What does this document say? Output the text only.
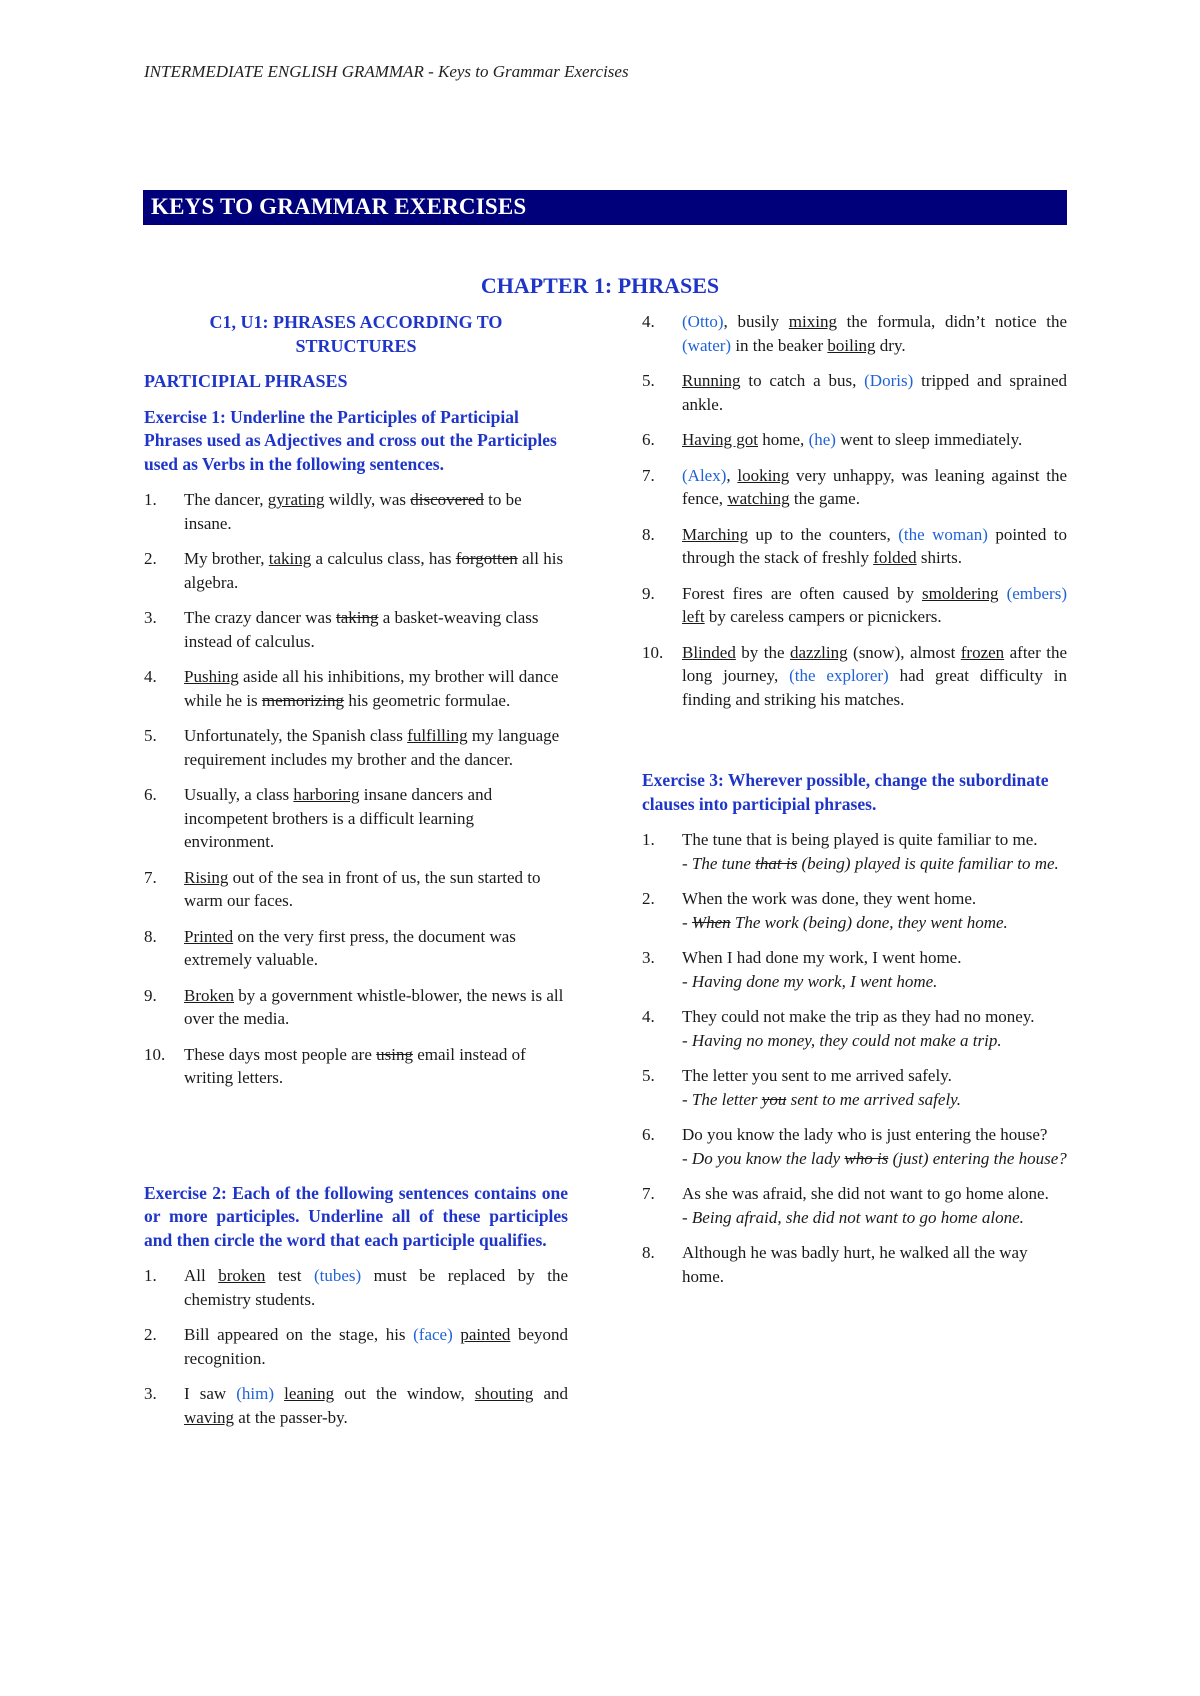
INTERMEDIATE ENGLISH GRAMMAR - Keys to Grammar Exercises
KEYS TO GRAMMAR EXERCISES
CHAPTER 1: PHRASES
C1, U1: PHRASES ACCORDING TO
STRUCTURES
PARTICIPIAL PHRASES
Exercise 1: Underline the Participles of Participial Phrases used as Adjectives and cross out the Participles used as Verbs in the following sentences.
1. The dancer, gyrating wildly, was discovered to be insane.
2. My brother, taking a calculus class, has forgotten all his algebra.
3. The crazy dancer was taking a basket-weaving class instead of calculus.
4. Pushing aside all his inhibitions, my brother will dance while he is memorizing his geometric formulae.
5. Unfortunately, the Spanish class fulfilling my language requirement includes my brother and the dancer.
6. Usually, a class harboring insane dancers and incompetent brothers is a difficult learning environment.
7. Rising out of the sea in front of us, the sun started to warm our faces.
8. Printed on the very first press, the document was extremely valuable.
9. Broken by a government whistle-blower, the news is all over the media.
10. These days most people are using email instead of writing letters.
Exercise 2: Each of the following sentences contains one or more participles. Underline all of these participles and then circle the word that each participle qualifies.
1. All broken test (tubes) must be replaced by the chemistry students.
2. Bill appeared on the stage, his (face) painted beyond recognition.
3. I saw (him) leaning out the window, shouting and waving at the passer-by.
4. (Otto), busily mixing the formula, didn’t notice the (water) in the beaker boiling dry.
5. Running to catch a bus, (Doris) tripped and sprained ankle.
6. Having got home, (he) went to sleep immediately.
7. (Alex), looking very unhappy, was leaning against the fence, watching the game.
8. Marching up to the counters, (the woman) pointed to through the stack of freshly folded shirts.
9. Forest fires are often caused by smoldering (embers) left by careless campers or picnickers.
10. Blinded by the dazzling (snow), almost frozen after the long journey, (the explorer) had great difficulty in finding and striking his matches.
Exercise 3: Wherever possible, change the subordinate clauses into participial phrases.
1. The tune that is being played is quite familiar to me.
- The tune that is (being) played is quite familiar to me.
2. When the work was done, they went home.
- When The work (being) done, they went home.
3. When I had done my work, I went home.
- Having done my work, I went home.
4. They could not make the trip as they had no money.
- Having no money, they could not make a trip.
5. The letter you sent to me arrived safely.
- The letter you sent to me arrived safely.
6. Do you know the lady who is just entering the house?
- Do you know the lady who is (just) entering the house?
7. As she was afraid, she did not want to go home alone.
- Being afraid, she did not want to go home alone.
8. Although he was badly hurt, he walked all the way home.
